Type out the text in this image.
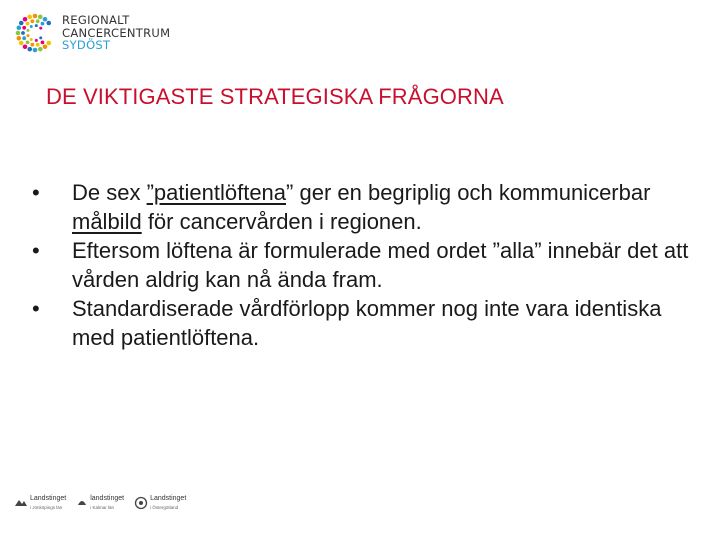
REGIONALT
CANCERCENTRUM
SYDÖST
DE VIKTIGASTE STRATEGISKA FRÅGORNA
• De sex ”patientlöftena” ger en begriplig och kommunicerbar målbild för cancervården i regionen.
• Eftersom löftena är formulerade med ordet ”alla” innebär det att vården aldrig kan nå ända fram.
• Standardiserade vårdförlopp kommer nog inte vara identiska med patientlöftena.
Landstinget
i Jönköpings län
landstinget
i Kalmar län
Landstinget
i Östergötland
